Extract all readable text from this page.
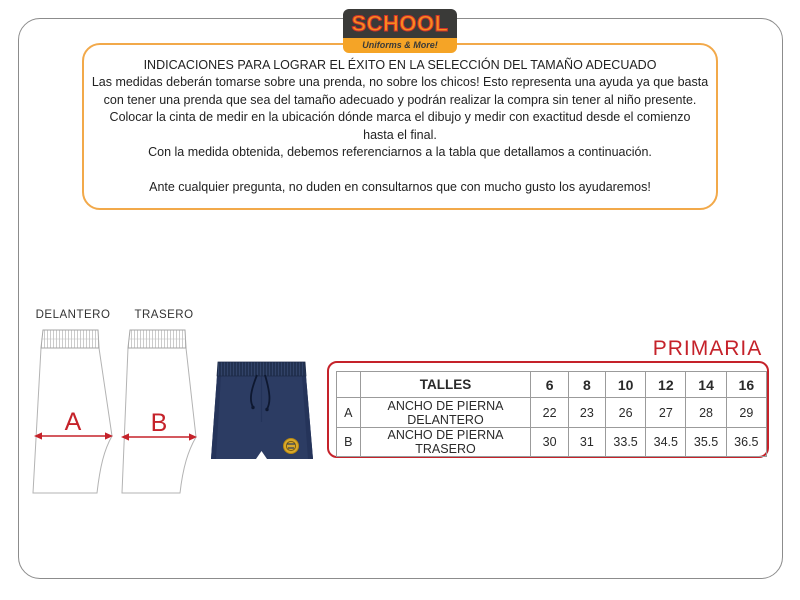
SCHOOL
Uniforms & More!
INDICACIONES PARA LOGRAR EL ÉXITO EN LA SELECCIÓN DEL TAMAÑO ADECUADO
Las medidas deberán tomarse sobre una prenda, no sobre los chicos! Esto representa una ayuda ya que basta
con tener una prenda que sea del tamaño adecuado y podrán realizar la compra sin tener al niño presente.
Colocar la cinta de medir en la ubicación dónde marca el dibujo y medir con exactitud desde el comienzo
hasta el final.
Con la medida obtenida, debemos referenciarnos a la tabla que detallamos a continuación.
Ante cualquier pregunta, no duden en consultarnos que con mucho gusto los ayudaremos!
DELANTERO TRASERO
A	B
PRIMARIA
	TALLES	6	8	10	12	14	16
A	ANCHO DE PIERNA DELANTERO	22	23	26	27	28	29
B	ANCHO DE PIERNA TRASERO	30	31	33.5	34.5	35.5	36.5
